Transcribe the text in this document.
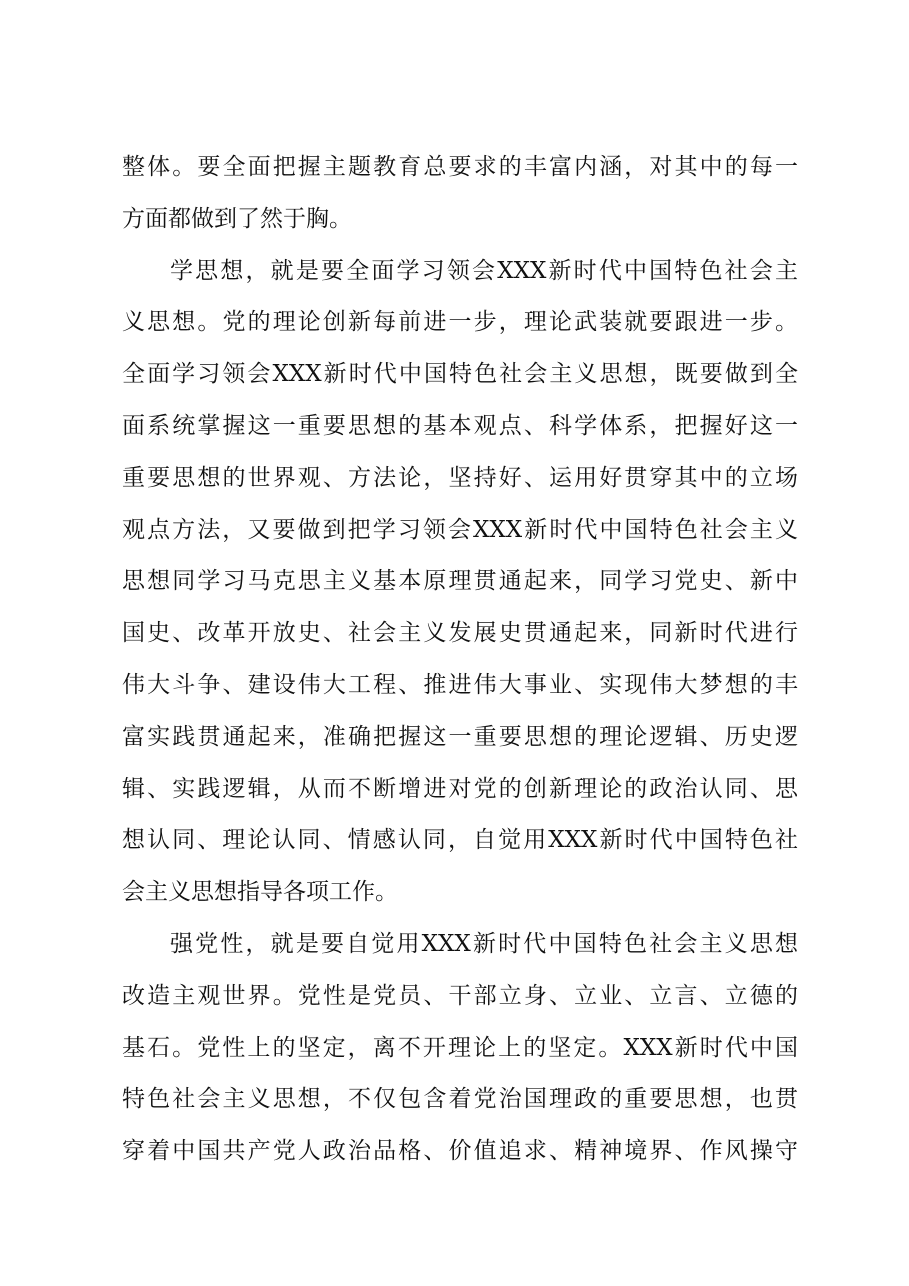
整体。要全面把握主题教育总要求的丰富内涵，对其中的每一
方面都做到了然于胸。
学思想，就是要全面学习领会XXX新时代中国特色社会主
义思想。党的理论创新每前进一步，理论武装就要跟进一步。
全面学习领会XXX新时代中国特色社会主义思想，既要做到全
面系统掌握这一重要思想的基本观点、科学体系，把握好这一
重要思想的世界观、方法论，坚持好、运用好贯穿其中的立场
观点方法，又要做到把学习领会XXX新时代中国特色社会主义
思想同学习马克思主义基本原理贯通起来，同学习党史、新中
国史、改革开放史、社会主义发展史贯通起来，同新时代进行
伟大斗争、建设伟大工程、推进伟大事业、实现伟大梦想的丰
富实践贯通起来，准确把握这一重要思想的理论逻辑、历史逻
辑、实践逻辑，从而不断增进对党的创新理论的政治认同、思
想认同、理论认同、情感认同，自觉用XXX新时代中国特色社
会主义思想指导各项工作。
强党性，就是要自觉用XXX新时代中国特色社会主义思想
改造主观世界。党性是党员、干部立身、立业、立言、立德的
基石。党性上的坚定，离不开理论上的坚定。XXX新时代中国
特色社会主义思想，不仅包含着党治国理政的重要思想，也贯
穿着中国共产党人政治品格、价值追求、精神境界、作风操守
